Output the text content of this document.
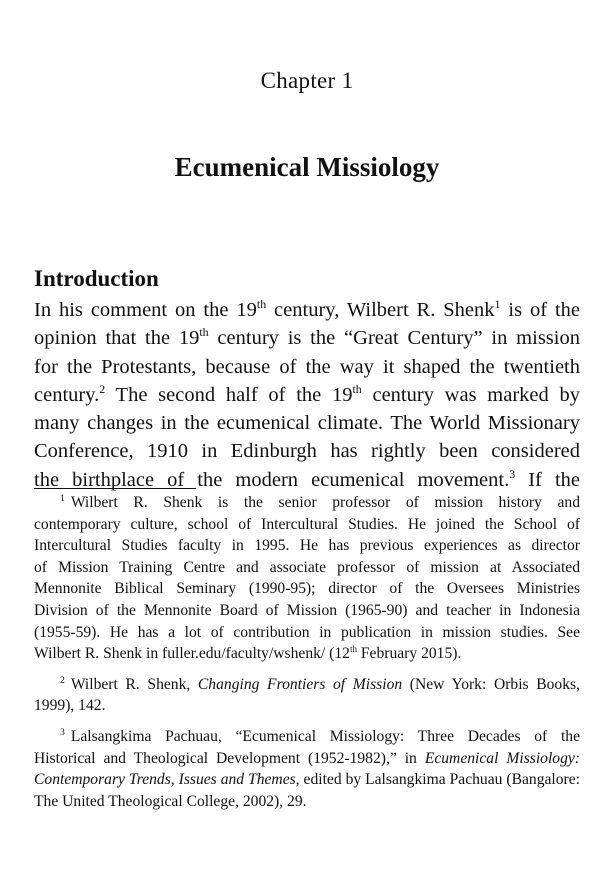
Chapter 1
Ecumenical Missiology
Introduction
In his comment on the 19th century, Wilbert R. Shenk$^1$ is of the
opinion that the 19th century is the “Great Century” in mission
for the Protestants, because of the way it shaped the twentieth
century.$^2$ The second half of the 19th century was marked by
many changes in the ecumenical climate. The World Missionary
Conference, 1910 in Edinburgh has rightly been considered
the birthplace of the modern ecumenical movement.$^3$ If the
$^1$ Wilbert R. Shenk is the senior professor of mission history and
contemporary culture, school of Intercultural Studies. He joined the School of
Intercultural Studies faculty in 1995. He has previous experiences as director
of Mission Training Centre and associate professor of mission at Associated
Mennonite Biblical Seminary (1990-95); director of the Oversees Ministries
Division of the Mennonite Board of Mission (1965-90) and teacher in Indonesia
(1955-59). He has a lot of contribution in publication in mission studies. See
Wilbert R. Shenk in fuller.edu/faculty/wshenk/ (12th February 2015).
$^2$ Wilbert R. Shenk, Changing Frontiers of Mission (New York: Orbis Books,
1999), 142.
$^3$ Lalsangkima Pachuau, “Ecumenical Missiology: Three Decades of the
Historical and Theological Development (1952-1982),” in Ecumenical Missiology:
Contemporary Trends, Issues and Themes, edited by Lalsangkima Pachuau (Bangalore:
The United Theological College, 2002), 29.
